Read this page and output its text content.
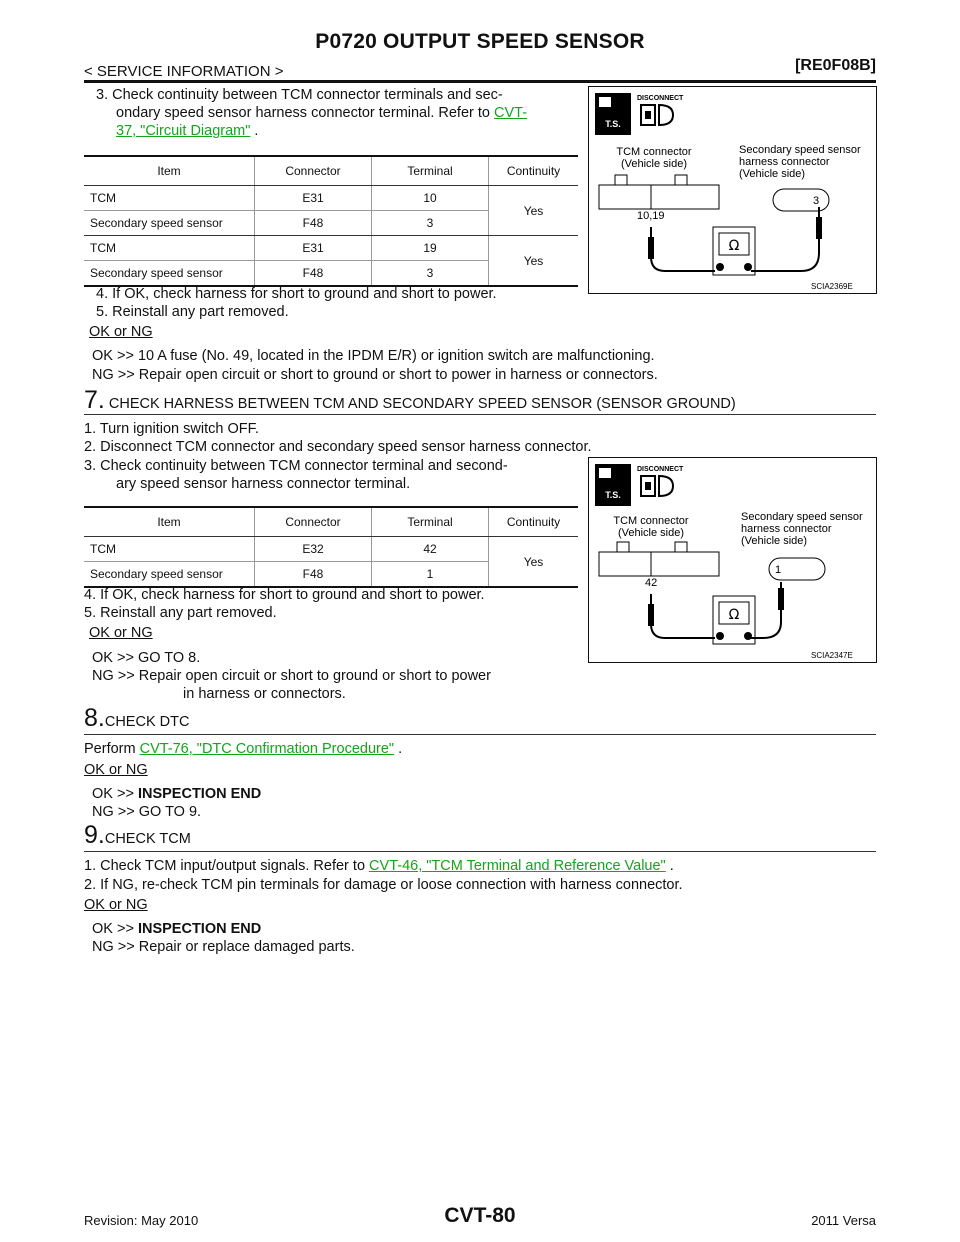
P0720 OUTPUT SPEED SENSOR
< SERVICE INFORMATION >	[RE0F08B]
3. Check continuity between TCM connector terminals and sec-
ondary speed sensor harness connector terminal. Refer to CVT-
37, "Circuit Diagram" .
Item	Connector	Terminal	Continuity
TCM	E31	10	Yes
Secondary speed sensor	F48	3	
TCM	E31	19	Yes
Secondary speed sensor	F48	3	
T.S.
DISCONNECT
TCM connector
(Vehicle side)
Secondary speed sensor
harness connector
(Vehicle side)
10,19
3
Ω
SCIA2369E
4. If OK, check harness for short to ground and short to power.
5. Reinstall any part removed.
OK or NG
OK >> 10 A fuse (No. 49, located in the IPDM E/R) or ignition switch are malfunctioning.
NG >> Repair open circuit or short to ground or short to power in harness or connectors.
7. CHECK HARNESS BETWEEN TCM AND SECONDARY SPEED SENSOR (SENSOR GROUND)
1. Turn ignition switch OFF.
2. Disconnect TCM connector and secondary speed sensor harness connector.
3. Check continuity between TCM connector terminal and second-
ary speed sensor harness connector terminal.
Item	Connector	Terminal	Continuity
TCM	E32	42	Yes
Secondary speed sensor	F48	1	
T.S.
DISCONNECT
TCM connector
(Vehicle side)
Secondary speed sensor
harness connector
(Vehicle side)
42
1
Ω
SCIA2347E
4. If OK, check harness for short to ground and short to power.
5. Reinstall any part removed.
OK or NG
OK >> GO TO 8.
NG >> Repair open circuit or short to ground or short to power
in harness or connectors.
8.CHECK DTC
Perform CVT-76, "DTC Confirmation Procedure" .
OK or NG
OK >> INSPECTION END
NG >> GO TO 9.
9.CHECK TCM
1. Check TCM input/output signals. Refer to CVT-46, "TCM Terminal and Reference Value" .
2. If NG, re-check TCM pin terminals for damage or loose connection with harness connector.
OK or NG
OK >> INSPECTION END
NG >> Repair or replace damaged parts.
Revision: May 2010	CVT-80	2011 Versa
